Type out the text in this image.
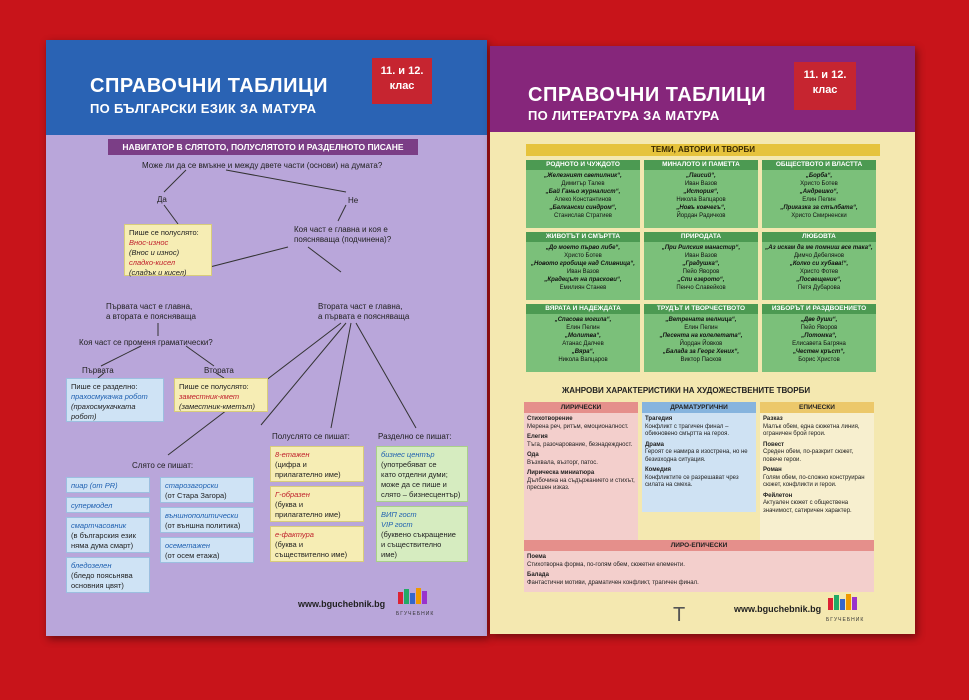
СПРАВОЧНИ ТАБЛИЦИ
ПО БЪЛГАРСКИ ЕЗИК ЗА МАТУРА
11. и 12.
клас
НАВИГАТОР В СЛЯТОТО, ПОЛУСЛЯТОТО И РАЗДЕЛНОТО ПИСАНЕ
Може ли да се вмъкне и между двете части (основи) на думата?
Да	Не
Пише се полуслято:
Внос-износ
(Внос и износ)
сладко-кисел
(сладък и кисел)
Коя част е главна и коя е
поясняваща (подчинена)?
Първата част е главна,
а втората е поясняваща
Втората част е главна,
а първата е поясняваща
Коя част се променя граматически?
Първата	Втората
Пише се разделно:
прахосмукачка робот
(прахосмукачката
робот)
Пише се полуслято:
заместник-кмет
(заместник-кметът)
Слято се пишат:
Полуслято се пишат:	Разделно се пишат:
пиар (от PR)
супермодел
смартчасовник
(в българския език
няма дума смарт)
бледозелен
(бледо поясьнява
основния цвят)
старозагорски
(от Стара Загора)
външнополитически
(от външна политика)
осеметажен
(от осем етажа)
8-етажен
(цифра и
прилагателно име)
Г-образен
(буква и
прилагателно име)
е-фактура
(буква и
съществително име)
бизнес център
(употребяват се
като отделни думи;
може да се пише и
слято – бизнесцентър)
ВИП гост
VIP гост
(буквено съкращение
и съществително
име)
www.bguchebnik.bg
БГУЧЕБНИК
СПРАВОЧНИ ТАБЛИЦИ
ПО ЛИТЕРАТУРА ЗА МАТУРА
11. и 12.
клас
ТЕМИ, АВТОРИ И ТВОРБИ
РОДНОТО И ЧУЖДОТО
„Железният светилник“,
Димитър Талев
„Бай Ганьо журналист“,
Алеко Константинов
„Балкански синдром“,
Станислав Стратиев
МИНАЛОТО И ПАМЕТТА
„Паисий“,
Иван Вазов
„История“,
Никола Вапцаров
„Новъ ковчегъ“,
Йордан Радичков
ОБЩЕСТВОТО И ВЛАСТТА
„Борба“,
Христо Ботев
„Андрешко“,
Елин Пелин
„Приказка за стълбата“,
Христо Смирненски
ЖИВОТЪТ И СМЪРТТА
„До моето първо либе“,
Христо Ботев
„Новото гробище над Сливница“,
Иван Вазов
„Крадецът на праскови“,
Емилиян Станев
ПРИРОДАТА
„При Рилския манастир“,
Иван Вазов
„Градушка“,
Пейо Яворов
„Спи езерото“,
Пенчо Славейков
ЛЮБОВТА
„Аз искам да ме помниш все така“,
Димчо Дебелянов
„Колко си хубава!“,
Христо Фотев
„Посвещение“,
Петя Дубарова
ВЯРАТА И НАДЕЖДАТА
„Спасова могила“,
Елин Пелин
„Молитва“,
Атанас Далчев
„Вяра“,
Никола Вапцаров
ТРУДЪТ И ТВОРЧЕСТВОТО
„Ветрената мелница“,
Елин Пелин
„Песента на колелетата“,
Йордан Йовков
„Балада за Георг Хених“,
Виктор Пасков
ИЗБОРЪТ И РАЗДВОЕНИЕТО
„Две души“,
Пейо Яворов
„Потомка“,
Елисавета Багряна
„Честен кръст“,
Борис Христов
ЖАНРОВИ ХАРАКТЕРИСТИКИ НА ХУДОЖЕСТВЕНИТЕ ТВОРБИ
ЛИРИЧЕСКИ
Стихотворение
Мерена реч, ритъм, емоционалност.
Елегия
Тъга, разочарование, безнадеждност.
Ода
Възхвала, възторг, патос.
Лирическа миниатюра
Дълбочина на съдържанието и стихът, пресшен изказ.
ДРАМАТУРГИЧНИ
Трагедия
Конфликт с трагичен финал – обикновено смъртта на героя.
Драма
Героят се намира в изострена, но не безизходна ситуация.
Комедия
Конфликтите се разрешават чрез силата на смеха.
ЕПИЧЕСКИ
Разказ
Малък обем, една сюжетна линия, ограничен брой герои.
Повест
Среден обем, по-разкрит сюжет, повече герои.
Роман
Голям обем, по-сложно конструиран сюжет, конфликти и герои.
Фейлетон
Актуален сюжет с обществена значимост, сатиричен характер.
ЛИРО-ЕПИЧЕСКИ
Поема
Стихотворна форма, по-голям обем, сюжетни елементи.
Балада
Фантастични мотиви, драматичен конфликт, трагичен финал.
T	www.bguchebnik.bg
БГУЧЕБНИК
